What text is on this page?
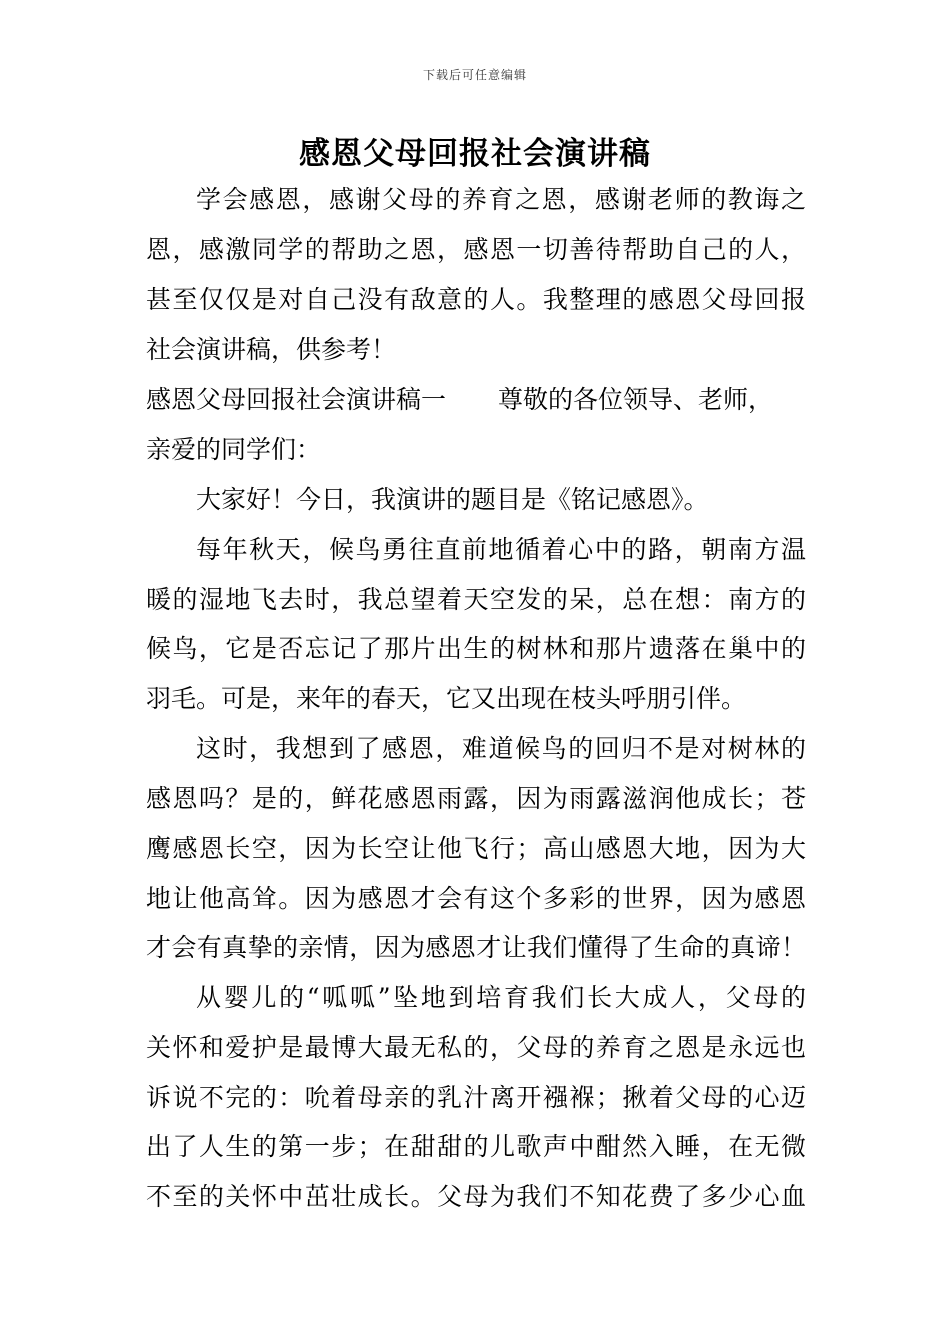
下载后可任意编辑
感恩父母回报社会演讲稿
学会感恩，感谢父母的养育之恩，感谢老师的教诲之
恩，感激同学的帮助之恩，感恩一切善待帮助自己的人，
甚至仅仅是对自己没有敌意的人。我整理的感恩父母回报
社会演讲稿，供参考！
感恩父母回报社会演讲稿一 尊敬的各位领导、老师，
亲爱的同学们：
大家好！今日，我演讲的题目是《铭记感恩》。
每年秋天，候鸟勇往直前地循着心中的路，朝南方温
暖的湿地飞去时，我总望着天空发的呆，总在想：南方的
候鸟，它是否忘记了那片出生的树林和那片遗落在巢中的
羽毛。可是，来年的春天，它又出现在枝头呼朋引伴。
这时，我想到了感恩，难道候鸟的回归不是对树林的
感恩吗？是的，鲜花感恩雨露，因为雨露滋润他成长；苍
鹰感恩长空，因为长空让他飞行；高山感恩大地，因为大
地让他高耸。因为感恩才会有这个多彩的世界，因为感恩
才会有真挚的亲情，因为感恩才让我们懂得了生命的真谛！
从婴儿的“呱呱”坠地到培育我们长大成人，父母的
关怀和爱护是最博大最无私的，父母的养育之恩是永远也
诉说不完的：吮着母亲的乳汁离开襁褓；揪着父母的心迈
出了人生的第一步；在甜甜的儿歌声中酣然入睡，在无微
不至的关怀中茁壮成长。父母为我们不知花费了多少心血
